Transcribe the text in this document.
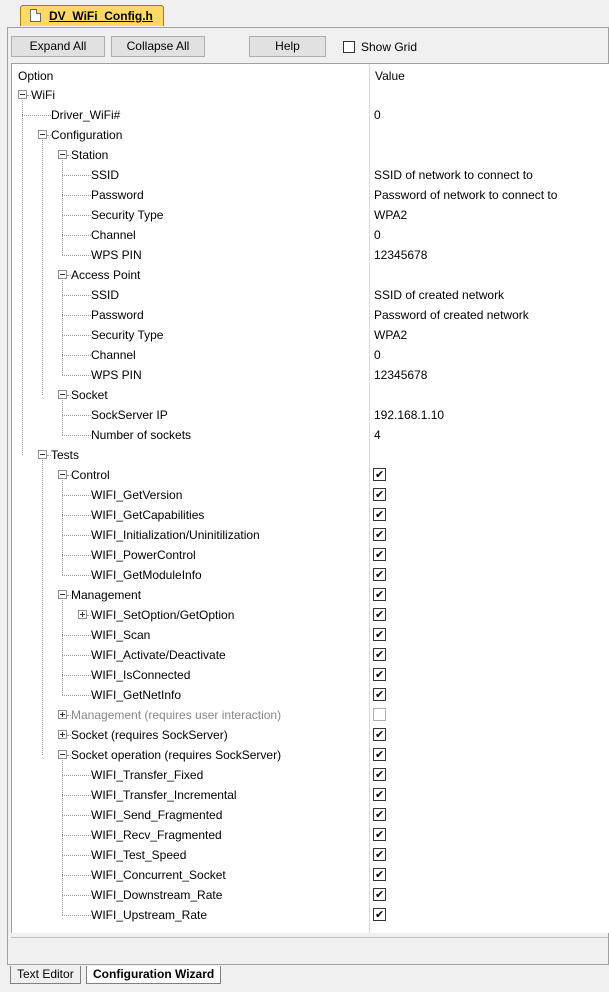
DV_WiFi_Config.h
Expand All	Collapse All	Help	Show Grid
Option	Value
WiFi
Driver_WiFi#	0
Configuration
Station
SSID	SSID of network to connect to
Password	Password of network to connect to
Security Type	WPA2
Channel	0
WPS PIN	12345678
Access Point
SSID	SSID of created network
Password	Password of created network
Security Type	WPA2
Channel	0
WPS PIN	12345678
Socket
SockServer IP	192.168.1.10
Number of sockets	4
Tests
Control	✔
WIFI_GetVersion	✔
WIFI_GetCapabilities	✔
WIFI_Initialization/Uninitilization	✔
WIFI_PowerControl	✔
WIFI_GetModuleInfo	✔
Management	✔
WIFI_SetOption/GetOption	✔
WIFI_Scan	✔
WIFI_Activate/Deactivate	✔
WIFI_IsConnected	✔
WIFI_GetNetInfo	✔
Management (requires user interaction)
Socket (requires SockServer)	✔
Socket operation (requires SockServer)	✔
WIFI_Transfer_Fixed	✔
WIFI_Transfer_Incremental	✔
WIFI_Send_Fragmented	✔
WIFI_Recv_Fragmented	✔
WIFI_Test_Speed	✔
WIFI_Concurrent_Socket	✔
WIFI_Downstream_Rate	✔
WIFI_Upstream_Rate	✔
Text Editor	Configuration Wizard
